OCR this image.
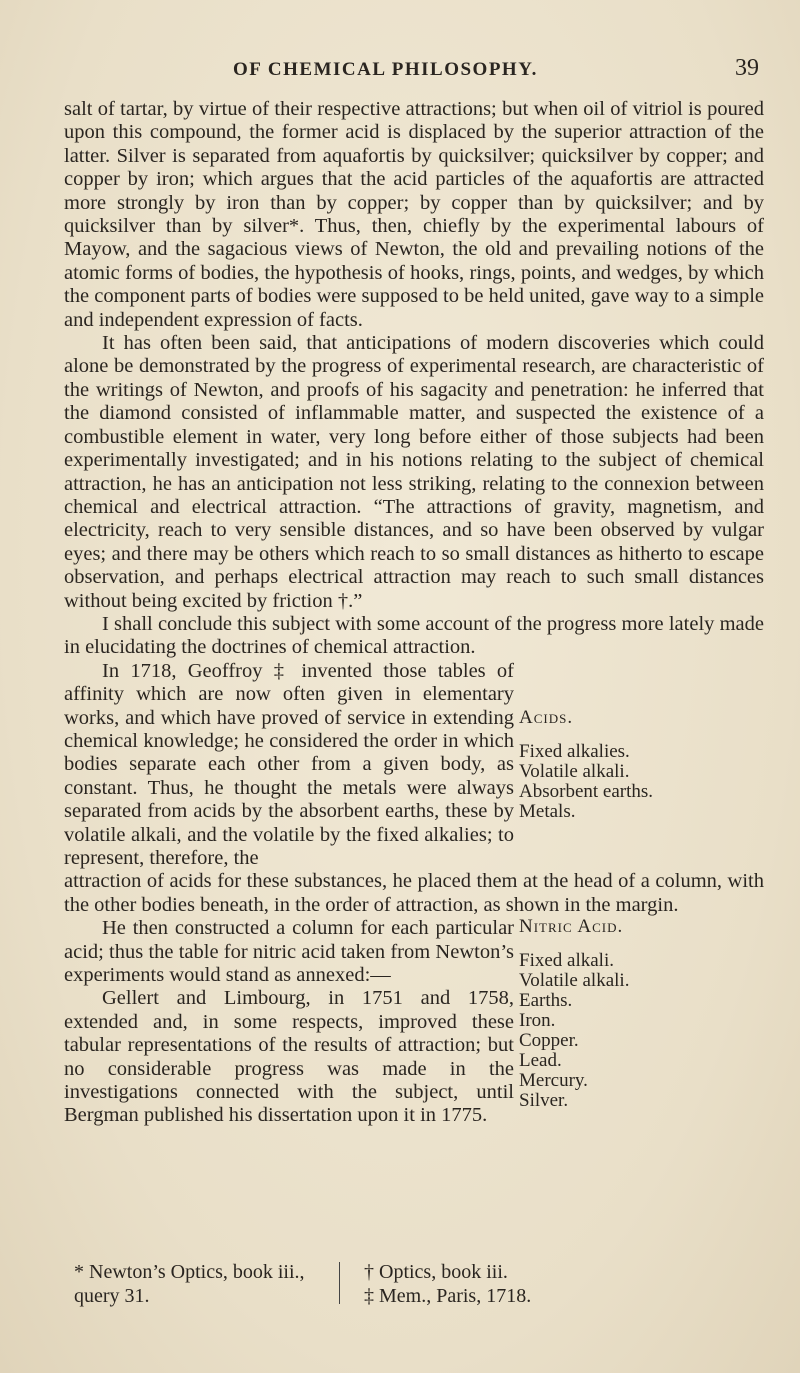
OF CHEMICAL PHILOSOPHY.	39

salt of tartar, by virtue of their respective attractions; but when oil of vitriol is poured upon this compound, the former acid is displaced by the superior attraction of the latter. Silver is separated from aquafortis by quicksilver; quicksilver by copper; and copper by iron; which argues that the acid particles of the aquafortis are attracted more strongly by iron than by copper; by copper than by quicksilver; and by quicksilver than by silver*. Thus, then, chiefly by the experimental labours of Mayow, and the sagacious views of Newton, the old and prevailing notions of the atomic forms of bodies, the hypothesis of hooks, rings, points, and wedges, by which the component parts of bodies were supposed to be held united, gave way to a simple and independent expression of facts.

It has often been said, that anticipations of modern discoveries which could alone be demonstrated by the progress of experimental research, are characteristic of the writings of Newton, and proofs of his sagacity and penetration: he inferred that the diamond consisted of inflammable matter, and suspected the existence of a combustible element in water, very long before either of those subjects had been experimentally investigated; and in his notions relating to the subject of chemical attraction, he has an anticipation not less striking, relating to the connexion between chemical and electrical attraction. “The attractions of gravity, magnetism, and electricity, reach to very sensible distances, and so have been observed by vulgar eyes; and there may be others which reach to so small distances as hitherto to escape observation, and perhaps electrical attraction may reach to such small distances without being excited by friction †.”

I shall conclude this subject with some account of the progress more lately made in elucidating the doctrines of chemical attraction.

In 1718, Geoffroy ‡ invented those tables of affinity which are now often given in elementary works, and which have proved of service in extending chemical knowledge; he considered the order in which bodies separate each other from a given body, as constant. Thus, he thought the metals were always separated from acids by the absorbent earths, these by volatile alkali, and the volatile by the fixed alkalies; to represent, therefore, the

Acids.
Fixed alkalies.
Volatile alkali.
Absorbent earths.
Metals.

attraction of acids for these substances, he placed them at the head of a column, with the other bodies beneath, in the order of attraction, as shown in the margin.

He then constructed a column for each particular acid; thus the table for nitric acid taken from Newton’s experiments would stand as annexed:—

Gellert and Limbourg, in 1751 and 1758, extended and, in some respects, improved these tabular representations of the results of attraction; but no considerable progress was made in the investigations connected with the subject, until Bergman published his dissertation upon it in 1775.

Nitric Acid.
Fixed alkali.
Volatile alkali.
Earths.
Iron.
Copper.
Lead.
Mercury.
Silver.
* Newton’s Optics, book iii., query 31.
† Optics, book iii.
‡ Mem., Paris, 1718.
